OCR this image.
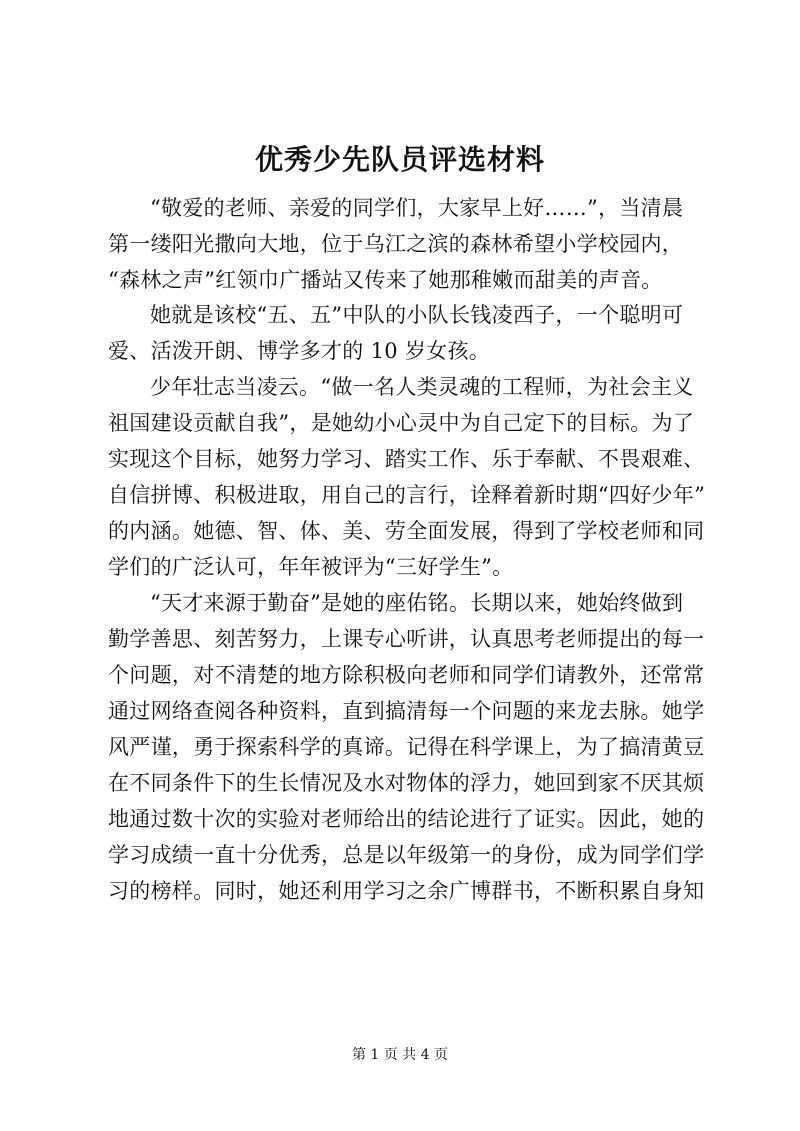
优秀少先队员评选材料
“敬爱的老师、亲爱的同学们，大家早上好……”，当清晨
第一缕阳光撒向大地，位于乌江之滨的森林希望小学校园内，
“森林之声”红领巾广播站又传来了她那稚嫩而甜美的声音。
她就是该校“五、五”中队的小队长钱凌西子，一个聪明可
爱、活泼开朗、博学多才的 10 岁女孩。
少年壮志当凌云。“做一名人类灵魂的工程师，为社会主义
祖国建设贡献自我”，是她幼小心灵中为自己定下的目标。为了
实现这个目标，她努力学习、踏实工作、乐于奉献、不畏艰难、
自信拼博、积极进取，用自己的言行，诠释着新时期“四好少年”
的内涵。她德、智、体、美、劳全面发展，得到了学校老师和同
学们的广泛认可，年年被评为“三好学生”。
“天才来源于勤奋”是她的座佑铭。长期以来，她始终做到
勤学善思、刻苦努力，上课专心听讲，认真思考老师提出的每一
个问题，对不清楚的地方除积极向老师和同学们请教外，还常常
通过网络查阅各种资料，直到搞清每一个问题的来龙去脉。她学
风严谨，勇于探索科学的真谛。记得在科学课上，为了搞清黄豆
在不同条件下的生长情况及水对物体的浮力，她回到家不厌其烦
地通过数十次的实验对老师给出的结论进行了证实。因此，她的
学习成绩一直十分优秀，总是以年级第一的身份，成为同学们学
习的榜样。同时，她还利用学习之余广博群书，不断积累自身知
第 1 页 共 4 页
